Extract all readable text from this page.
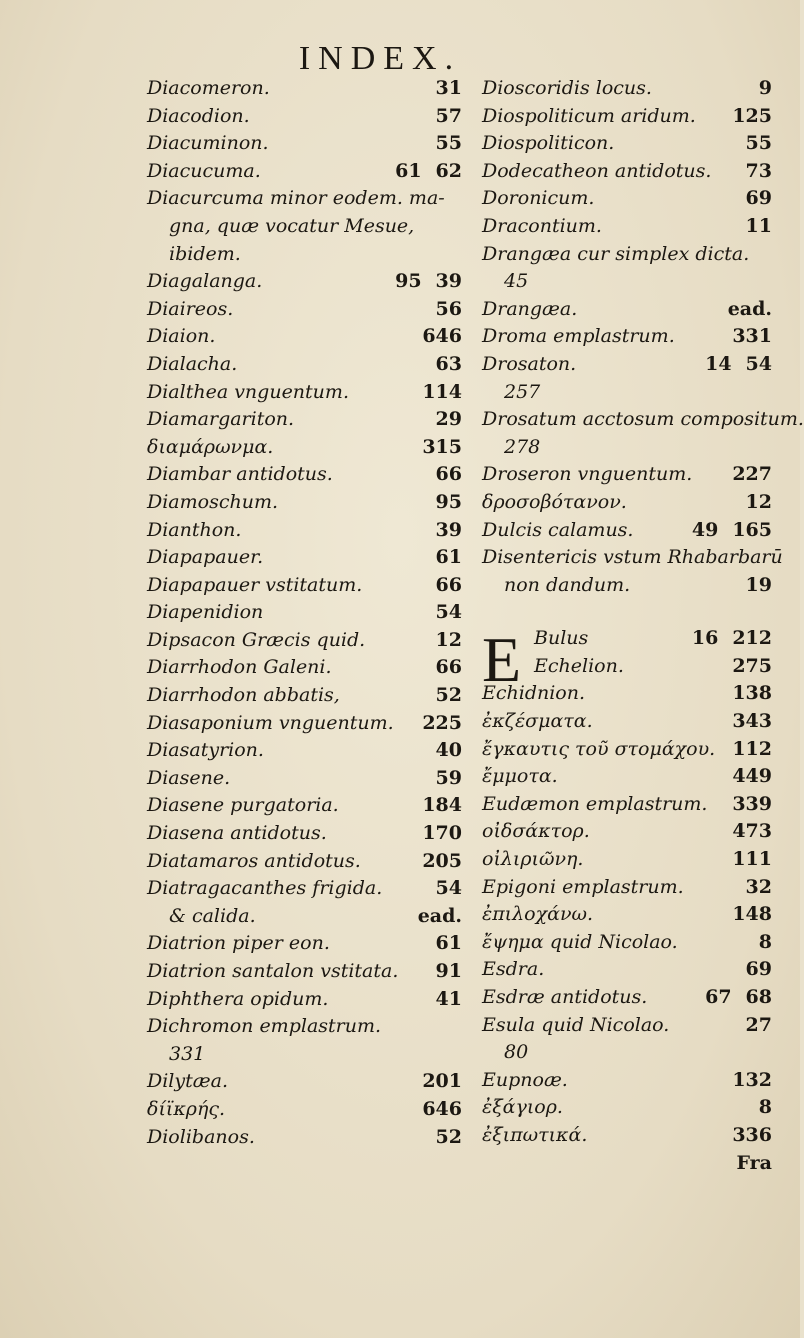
INDEX.
Diacomeron.	31
Diacodion.	57
Diacuminon.	55
Diacucuma.	61 62
Diacurcuma minor eodem. ma-
gna, quæ vocatur Mesue,
ibidem.
Diagalanga.	95 39
Diaireos.	56
Diaion.	646
Dialacha.	63
Dialthea vnguentum.	114
Diamargariton.	29
διαμάρωνμα.	315
Diambar antidotus.	66
Diamoschum.	95
Dianthon.	39
Diapapauer.	61
Diapapauer vstitatum.	66
Diapenidion	54
Dipsacon Græcis quid.	12
Diarrhodon Galeni.	66
Diarrhodon abbatis,	52
Diasaponium vnguentum.	225
Diasatyrion.	40
Diasene.	59
Diasene purgatoria.	184
Diasena antidotus.	170
Diatamaros antidotus.	205
Diatragacanthes frigida.	54
& calida.	ead.
Diatrion piper eon.	61
Diatrion santalon vstitata.	91
Diphthera opidum.	41
Dichromon emplastrum.
331
Dilytæa.	201
δίϊκρής.	646
Diolibanos.	52
Dioscoridis locus.	9
Diospoliticum aridum.	125
Diospoliticon.	55
Dodecatheon antidotus.	73
Doronicum.	69
Dracontium.	11
Drangæa cur simplex dicta.
45
Drangæa.	ead.
Droma emplastrum.	331
Drosaton.	14 54
257
Drosatum acctosum compositum.
278
Droseron vnguentum.	227
δροσοβότανον.	12
Dulcis calamus.	49 165
Disentericis vstum Rhabarbarū
non dandum.	19
Bulus	16 212
Echelion.	275
Echidnion.	138
ἐκζέσματα.	343
ἔγκαυτις τοῦ στομάχου. 112
ἔμμοτα.	449
Eudæmon emplastrum.	339
οἰδσάκτορ.	473
οἰλιριῶνη.	111
Epigoni emplastrum.	32
ἐπιλοχάνω.	148
ἔψημα quid Nicolao.	8
Esdra.	69
Esdræ antidotus.	67 68
Esula quid Nicolao.	27
80
Eupnoæ.	132
ἐξάγιορ.	8
ἐξιπωτικά.	336
Fra
E
